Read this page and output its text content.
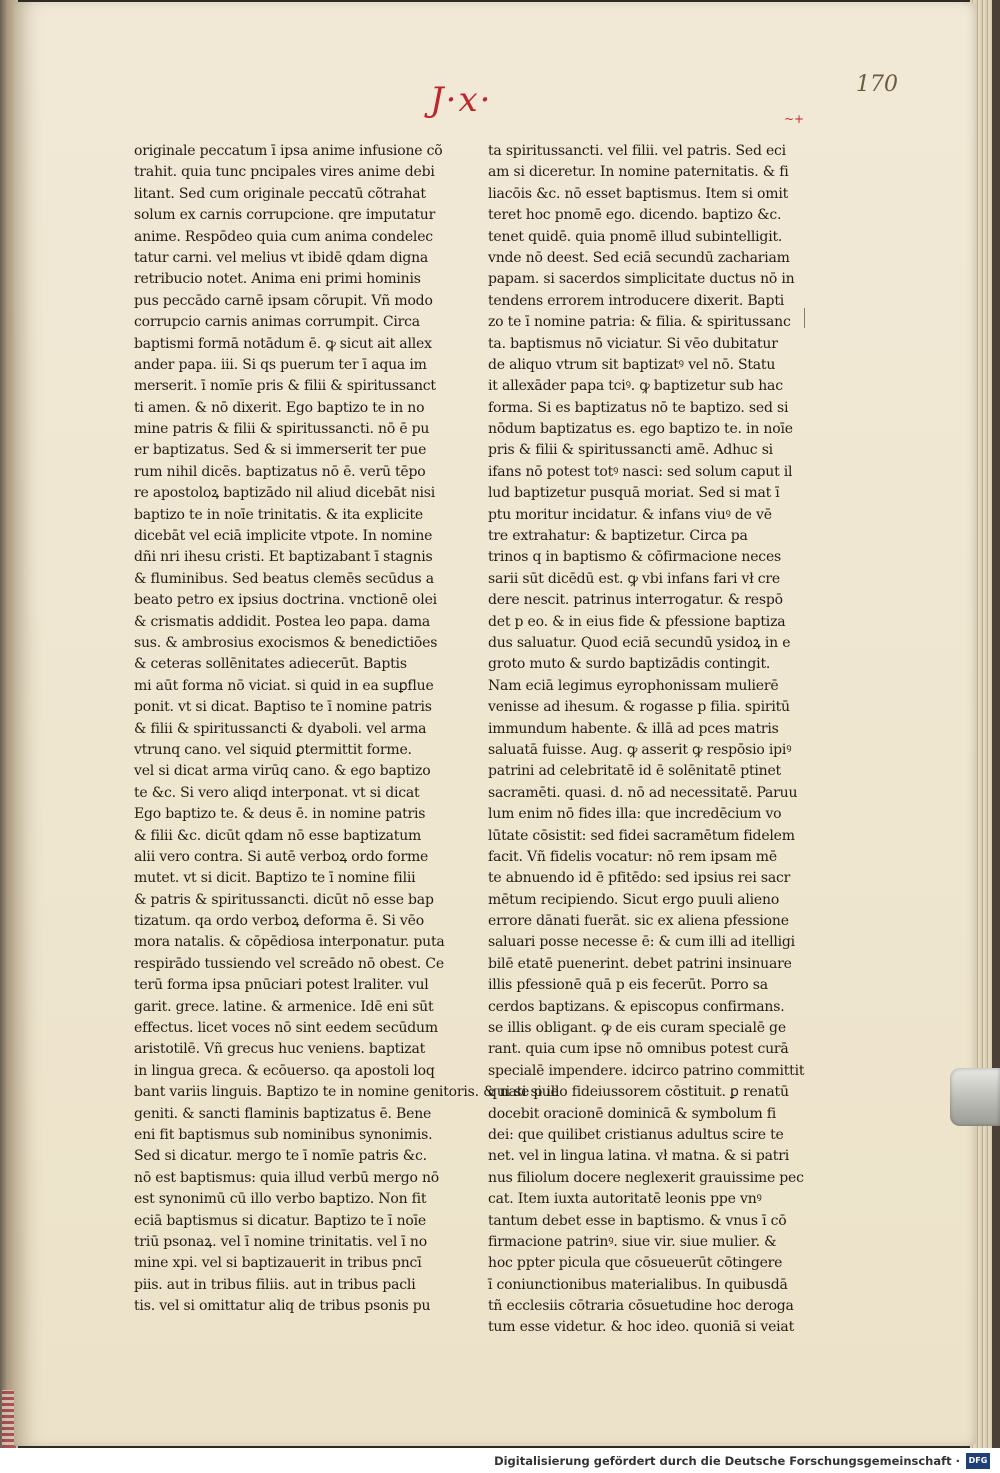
J·x·	170
~+
originale peccatum ī ipsa anime infusione cõ
trahit. quia tunc pncipales vires anime debi
litant. Sed cum originale peccatū cõtrahat
solum ex carnis corrupcione. qre imputatur
anime. Respōdeo quia cum anima condelec
tatur carni. vel melius vt ibidē qdam digna
retribucio notet. Anima eni primi hominis
pus peccādo carnē ipsam cõrupit. Vñ modo
corrupcio carnis animas corrumpit. Circa
baptismi formā notādum ē. ꝙ sicut ait allex
ander papa. iii. Si qs puerum ter ī aqua im
merserit. ī nomīe pris & filii & spiritussanct
ti amen. & nō dixerit. Ego baptizo te in no
mine patris & filii & spiritussancti. nō ē pu
er baptizatus. Sed & si immerserit ter pue
rum nihil dicēs. baptizatus nō ē. verū tēpo
re apostoloꝝ baptizādo nil aliud dicebāt nisi
baptizo te in noīe trinitatis. & ita explicite
dicebāt vel eciā implicite vtpote. In nomine
dñi nri ihesu cristi. Et baptizabant ī stagnis
& fluminibus. Sed beatus clemēs secūdus a
beato petro ex ipsius doctrina. vnctionē olei
& crismatis addidit. Postea leo papa. dama
sus. & ambrosius exocismos & benedictiōes
& ceteras sollēnitates adiecerūt. Baptis
mi aūt forma nō viciat. si quid in ea suꝑflue
ponit. vt si dicat. Baptiso te ī nomine patris
& filii & spiritussancti & dyaboli. vel arma
vtrunq cano. vel siquid ꝑtermittit forme.
vel si dicat arma virūq cano. & ego baptizo
te &c. Si vero aliqd interponat. vt si dicat
Ego baptizo te. & deus ē. in nomine patris
& filii &c. dicūt qdam nō esse baptizatum
alii vero contra. Si autē verboꝝ ordo forme
mutet. vt si dicit. Baptizo te ī nomine filii
& patris & spiritussancti. dicūt nō esse bap
tizatum. qa ordo verboꝝ deforma ē. Si vēo
mora natalis. & cōpēdiosa interponatur. puta
respirādo tussiendo vel screādo nō obest. Ce
terū forma ipsa pnūciari potest lraliter. vul
garit. grece. latine. & armenice. Idē eni sūt
effectus. licet voces nō sint eedem secūdum
aristotilē. Vñ grecus huc veniens. baptizat
in lingua greca. & ecōuerso. qa apostoli loq
bant variis linguis. Baptizo te in nomine genitoris. & nati siue
geniti. & sancti flaminis baptizatus ē. Bene
eni fit baptismus sub nominibus synonimis.
Sed si dicatur. mergo te ī nomīe patris &c.
nō est baptismus: quia illud verbū mergo nō
est synonimū cū illo verbo baptizo. Non fit
eciā baptismus si dicatur. Baptizo te ī noīe
triū psonaꝝ. vel ī nomine trinitatis. vel ī no
mine xpi. vel si baptizauerit in tribus pncī
piis. aut in tribus filiis. aut in tribus pacli
tis. vel si omittatur aliq de tribus psonis pu
ta spiritussancti. vel filii. vel patris. Sed eci
am si diceretur. In nomine paternitatis. & fi
liacōis &c. nō esset baptismus. Item si omit
teret hoc pnomē ego. dicendo. baptizo &c.
tenet quidē. quia pnomē illud subintelligit.
vnde nō deest. Sed eciā secundū zachariam
papam. si sacerdos simplicitate ductus nō in
tendens errorem introducere dixerit. Bapti
zo te ī nomine patria: & filia. & spiritussanc
ta. baptismus nō viciatur. Si vēo dubitatur
de aliquo vtrum sit baptizatꝰ vel nō. Statu
it allexāder papa tciꝰ. ꝙ baptizetur sub hac
forma. Si es baptizatus nō te baptizo. sed si
nōdum baptizatus es. ego baptizo te. in noīe
pris & filii & spiritussancti amē. Adhuc si
ifans nō potest totꝰ nasci: sed solum caput il
lud baptizetur pusquā moriat. Sed si mat ī
ptu moritur incidatur. & infans viuꝰ de vē
tre extrahatur: & baptizetur. Circa pa
trinos q in baptismo & cōfirmacione neces
sarii sūt dicēdū est. ꝙ vbi infans fari vł cre
dere nescit. patrinus interrogatur. & respō
det p eo. & in eius fide & pfessione baptiza
dus saluatur. Quod eciā secundū ysidoꝝ in e
groto muto & surdo baptizādis contingit.
Nam eciā legimus eyrophonissam mulierē
venisse ad ihesum. & rogasse p filia. spiritū
immundum habente. & illā ad pces matris
saluatā fuisse. Aug. ꝙ asserit ꝙ respōsio ipiꝰ
patrini ad celebritatē id ē solēnitatē ptinet
sacramēti. quasi. d. nō ad necessitatē. Paruu
lum enim nō fides illa: que incredēcium vo
lūtate cōsistit: sed fidei sacramētum fidelem
facit. Vñ fidelis vocatur: nō rem ipsam mē
te abnuendo id ē pfitēdo: sed ipsius rei sacr
mētum recipiendo. Sicut ergo puuli alieno
errore dānati fuerāt. sic ex aliena pfessione
saluari posse necesse ē: & cum illi ad itelligi
bilē etatē puenerint. debet patrini insinuare
illis pfessionē quā p eis fecerūt. Porro sa
cerdos baptizans. & episcopus confirmans.
se illis obligant. ꝙ de eis curam specialē ge
rant. quia cum ipse nō omnibus potest curā
specialē impendere. idcirco patrino committit
qui se p illo fideiussorem cōstituit. ꝑ renatū
docebit oracionē dominicā & symbolum fi
dei: que quilibet cristianus adultus scire te
net. vel in lingua latina. vł matna. & si patri
nus filiolum docere neglexerit grauissime pec
cat. Item iuxta autoritatē leonis ppe vnꝰ
tantum debet esse in baptismo. & vnus ī cō
firmacione patrinꝰ. siue vir. siue mulier. &
hoc ppter picula que cōsueuerūt cōtingere
ī coniunctionibus materialibus. In quibusdā
tñ ecclesiis cōtraria cōsuetudine hoc deroga
tum esse videtur. & hoc ideo. quoniā si veiat
Digitalisierung gefördert durch die Deutsche Forschungsgemeinschaft ·	DFG
